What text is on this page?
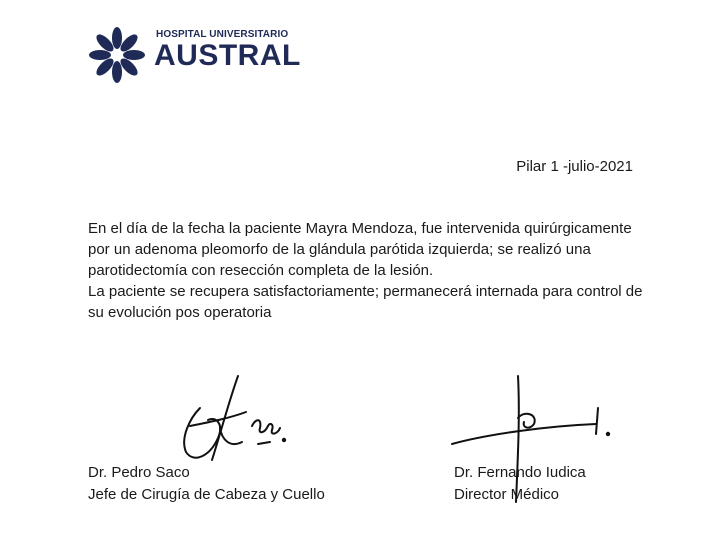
HOSPITAL UNIVERSITARIO
AUSTRAL
Pilar 1 -julio-2021

En el día de la fecha la paciente Mayra Mendoza, fue intervenida quirúrgicamente por un adenoma pleomorfo de la glándula parótida izquierda; se realizó una parotidectomía con resección completa de la lesión.

La paciente se recupera satisfactoriamente; permanecerá internada para control de su evolución pos operatoria

Dr. Pedro Saco
Jefe de Cirugía de Cabeza y Cuello
Dr. Fernando Iudica
Director Médico
